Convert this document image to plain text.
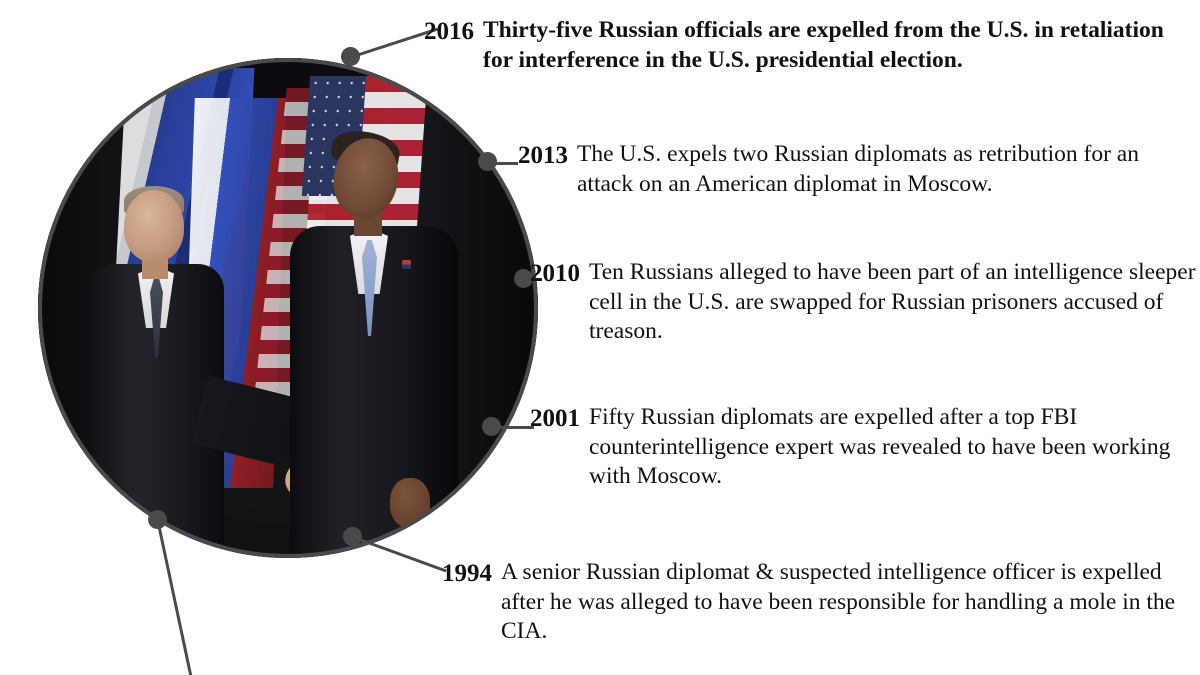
2016 Thirty-five Russian officials are expelled from the U.S. in retaliation for interference in the U.S. presidential election.
2013 The U.S. expels two Russian diplomats as retribution for an attack on an American diplomat in Moscow.
2010 Ten Russians alleged to have been part of an intelligence sleeper cell in the U.S. are swapped for Russian prisoners accused of treason.
2001 Fifty Russian diplomats are expelled after a top FBI counterintelligence expert was revealed to have been working with Moscow.
1994 A senior Russian diplomat & suspected intelligence officer is expelled after he was alleged to have been responsible for handling a mole in the CIA.
